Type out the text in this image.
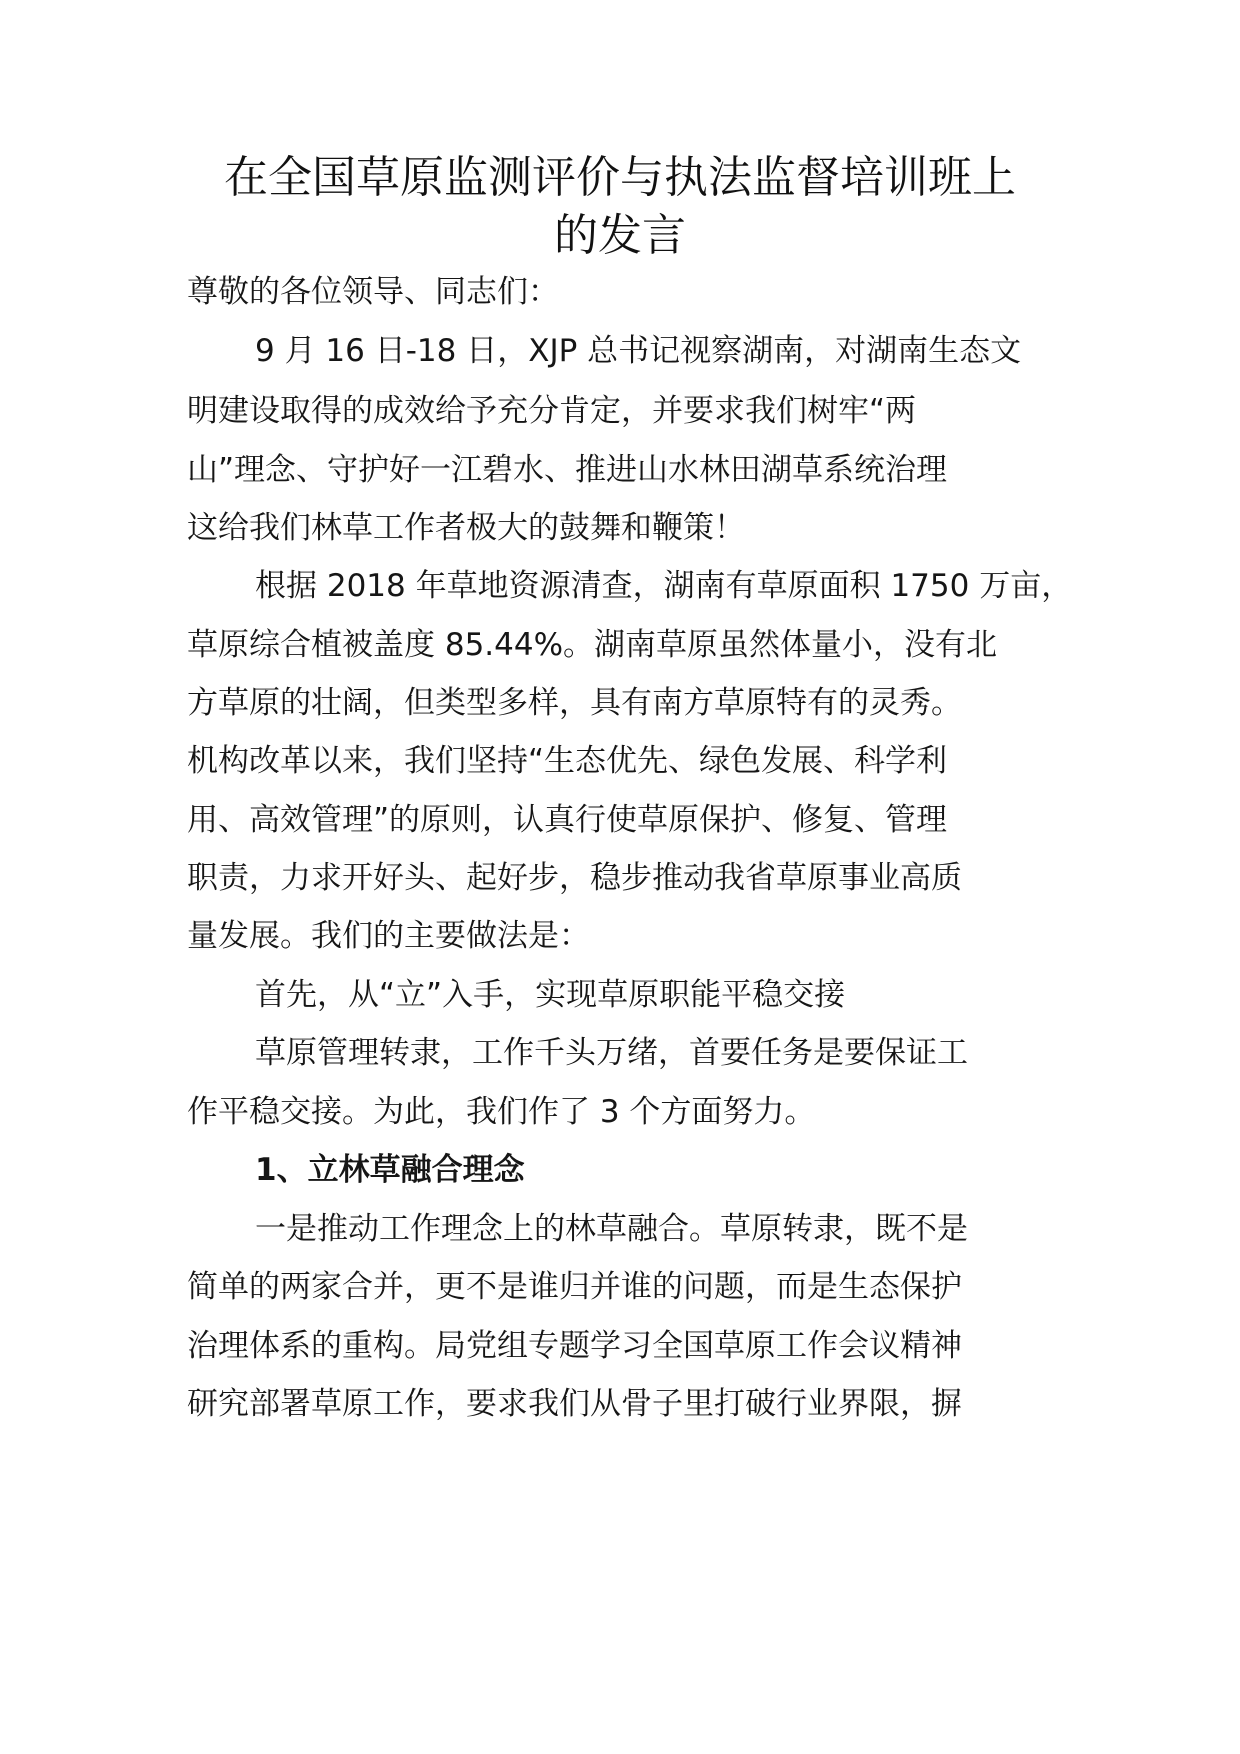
在全国草原监测评价与执法监督培训班上
的发言

尊敬的各位领导、同志们：

9 月 16 日-18 日，XJP 总书记视察湖南，对湖南生态文

明建设取得的成效给予充分肯定，并要求我们树牢“两

山”理念、守护好一江碧水、推进山水林田湖草系统治理

这给我们林草工作者极大的鼓舞和鞭策！

根据 2018 年草地资源清查，湖南有草原面积 1750 万亩，

草原综合植被盖度 85.44%。湖南草原虽然体量小，没有北

方草原的壮阔，但类型多样，具有南方草原特有的灵秀。

机构改革以来，我们坚持“生态优先、绿色发展、科学利

用、高效管理”的原则，认真行使草原保护、修复、管理

职责，力求开好头、起好步，稳步推动我省草原事业高质

量发展。我们的主要做法是：

首先，从“立”入手，实现草原职能平稳交接

草原管理转隶，工作千头万绪，首要任务是要保证工

作平稳交接。为此，我们作了 3 个方面努力。

1、立林草融合理念

一是推动工作理念上的林草融合。草原转隶，既不是

简单的两家合并，更不是谁归并谁的问题，而是生态保护

治理体系的重构。局党组专题学习全国草原工作会议精神

研究部署草原工作，要求我们从骨子里打破行业界限，摒
